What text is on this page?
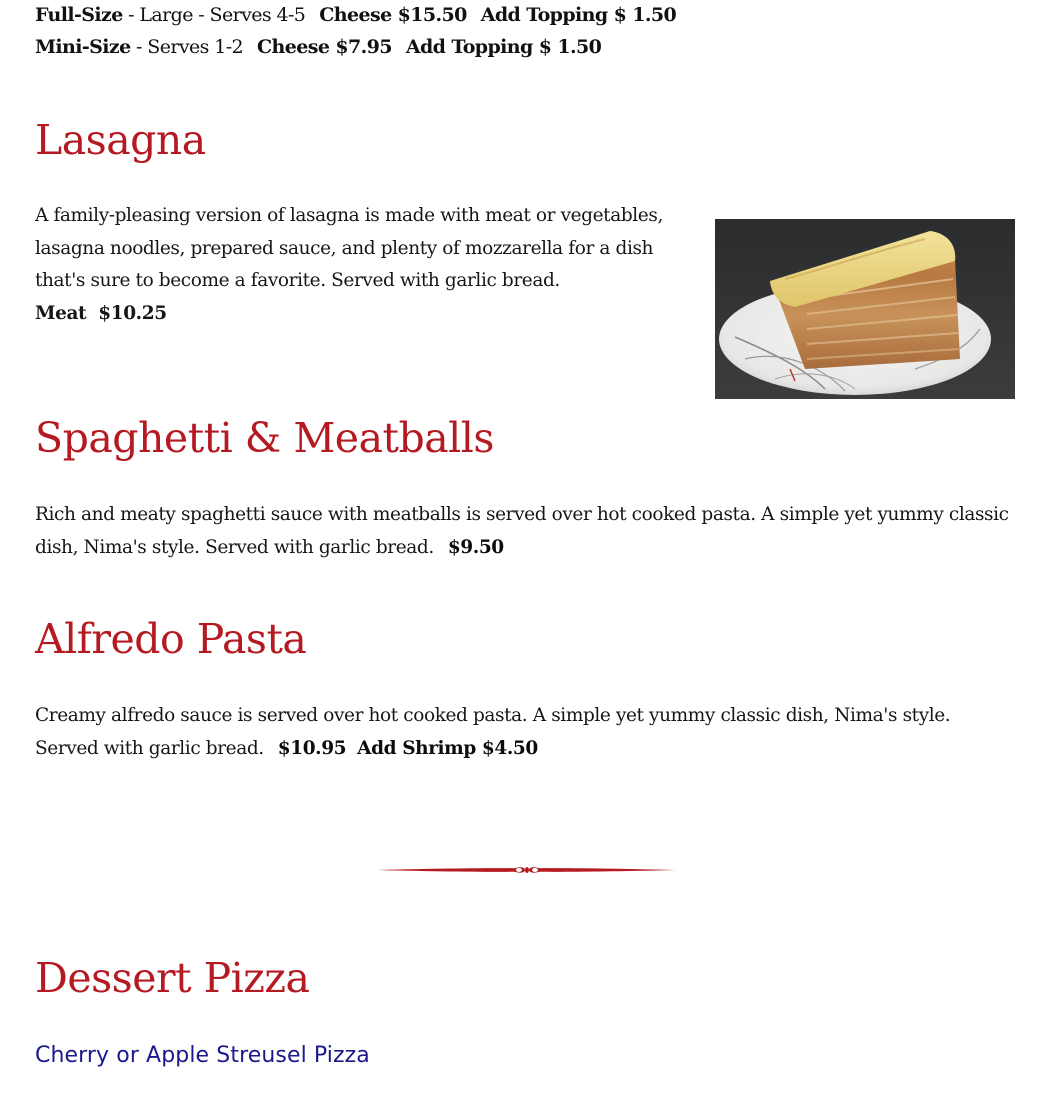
Full-Size - Large - Serves 4-5 Cheese $15.50 Add Topping $ 1.50
Mini-Size - Serves 1-2 Cheese $7.95 Add Topping $ 1.50
Lasagna
A family-pleasing version of lasagna is made with meat or vegetables, lasagna noodles, prepared sauce, and plenty of mozzarella for a dish that's sure to become a favorite. Served with garlic bread.
Meat  $10.25
Spaghetti & Meatballs
Rich and meaty spaghetti sauce with meatballs is served over hot cooked pasta. A simple yet yummy classic dish, Nima's style. Served with garlic bread. $9.50
Alfredo Pasta
Creamy alfredo sauce is served over hot cooked pasta. A simple yet yummy classic dish, Nima's style. Served with garlic bread. $10.95 Add Shrimp $4.50
Dessert Pizza
Cherry or Apple Streusel Pizza
